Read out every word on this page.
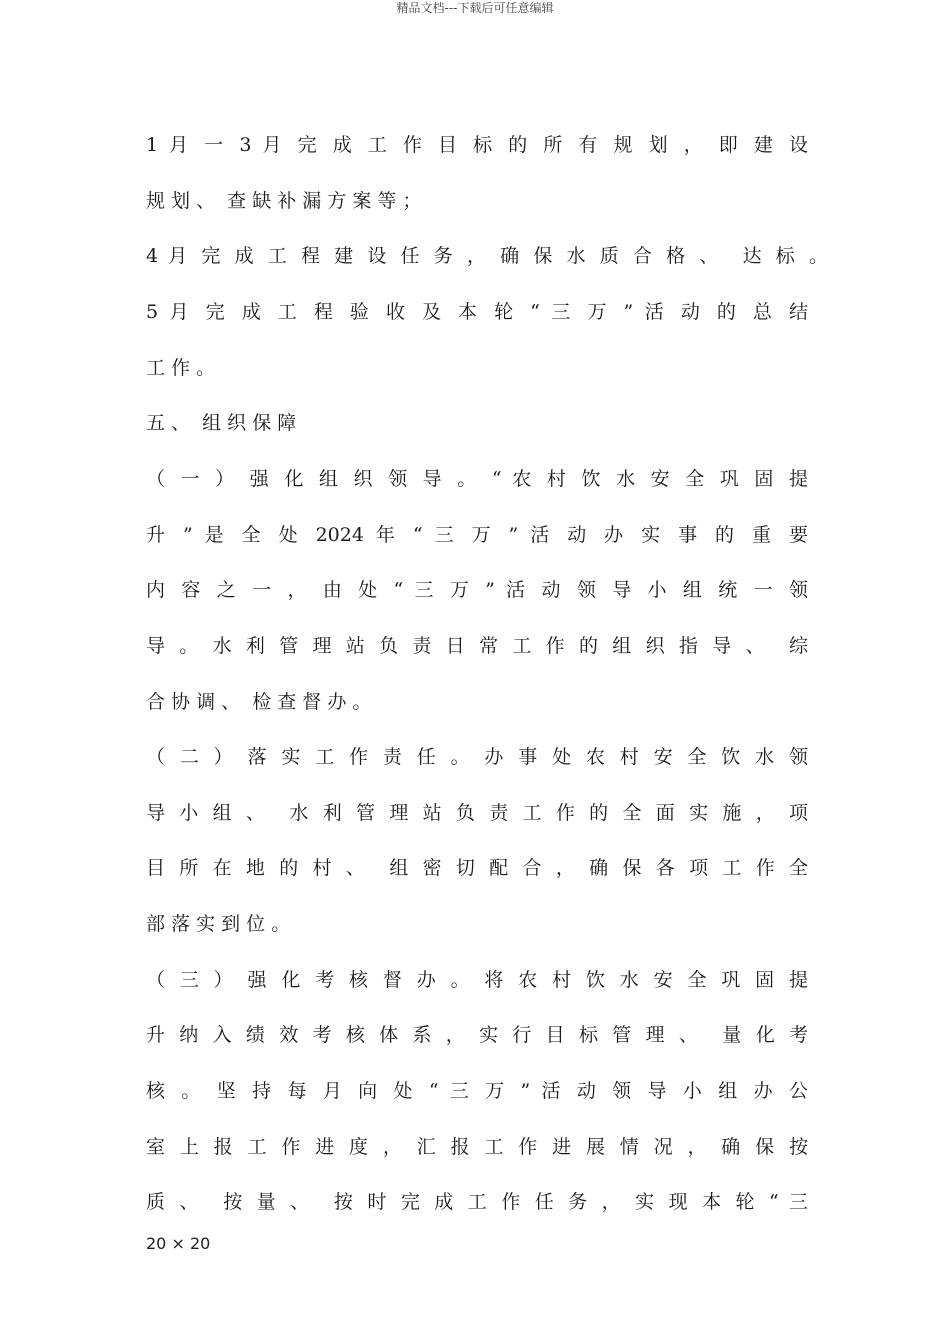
精品文档---下载后可任意编辑
1 月 一 3 月 完 成 工 作 目 标 的 所 有 规 划 ， 即 建 设
规 划 、  查 缺 补 漏 方 案 等 ；
4 月 完 成 工 程 建 设 任 务 ， 确 保 水 质 合 格 、  达 标 。
5 月 完 成 工 程 验 收 及 本 轮 “ 三 万 ” 活 动 的 总 结
工 作 。
五 、  组 织 保 障
（ 一 ） 强 化 组 织 领 导 。 “ 农 村 饮 水 安 全 巩 固 提
升 ” 是 全 处 2024 年 “ 三 万 ” 活 动 办 实 事 的 重 要
内 容 之 一 ， 由 处 “ 三 万 ” 活 动 领 导 小 组 统 一 领
导 。 水 利 管 理 站 负 责 日 常 工 作 的 组 织 指 导 、  综
合 协 调 、  检 查 督 办 。
（ 二 ） 落 实 工 作 责 任 。 办 事 处 农 村 安 全 饮 水 领
导 小 组 、  水 利 管 理 站 负 责 工 作 的 全 面 实 施 ， 项
目 所 在 地 的 村 、  组 密 切 配 合 ， 确 保 各 项 工 作 全
部 落 实 到 位 。
（ 三 ） 强 化 考 核 督 办 。 将 农 村 饮 水 安 全 巩 固 提
升 纳 入 绩 效 考 核 体 系 ， 实 行 目 标 管 理 、  量 化 考
核 。 坚 持 每 月 向 处 “ 三 万 ” 活 动 领 导 小 组 办 公
室 上 报 工 作 进 度 ， 汇 报 工 作 进 展 情 况 ， 确 保 按
质 、  按 量 、  按 时 完 成 工 作 任 务 ， 实 现 本 轮 “ 三
20 × 20
